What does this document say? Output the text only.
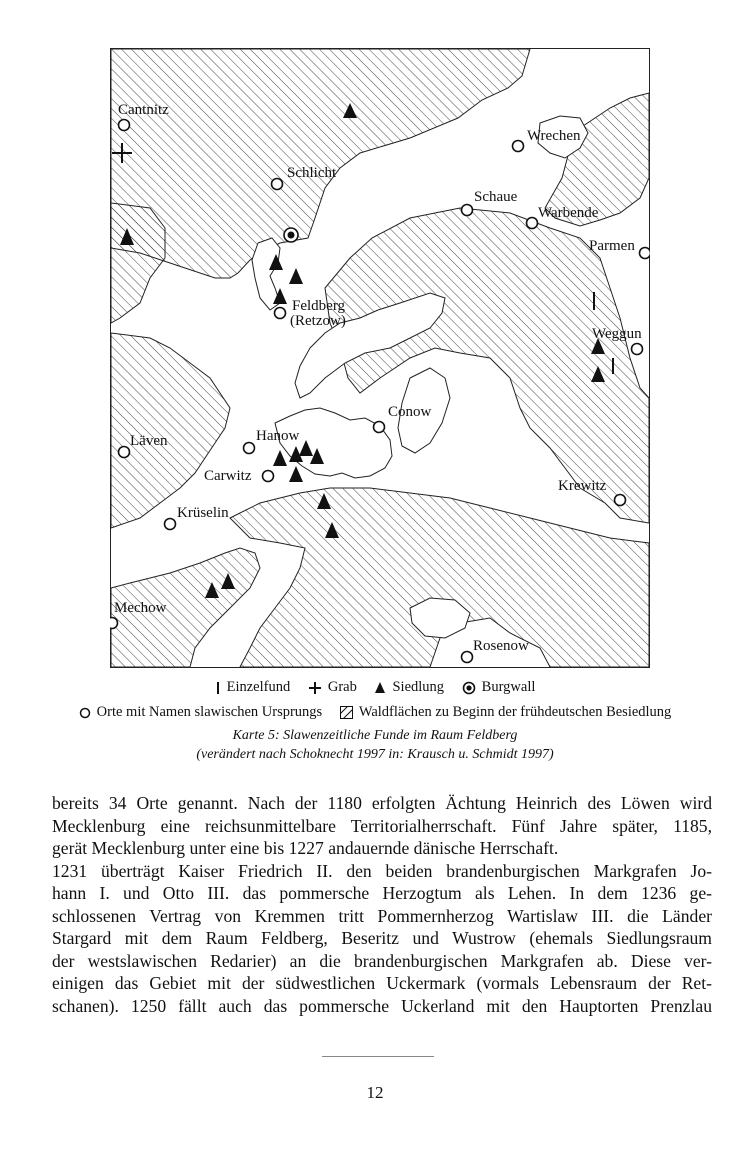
Cantnitz
Schlicht
Wrechen
Schaue
Warbende
Parmen
Feldberg
(Retzow)
Weggun
Conow
Läven	Hanow
Carwitz
Krüselin
Krewitz
Mechow
Rosenow
Einzelfund	Grab Siedlung	Burgwall
Orte mit Namen slawischen Ursprungs	Waldflächen zu Beginn der frühdeutschen Besiedlung
Karte 5: Slawenzeitliche Funde im Raum Feldberg
(verändert nach Schoknecht 1997 in: Krausch u. Schmidt 1997)

bereits 34 Orte genannt. Nach der 1180 erfolgten Ächtung Heinrich des Löwen wird

Mecklenburg eine reichsunmittelbare Territorialherrschaft. Fünf Jahre später, 1185,

gerät Mecklenburg unter eine bis 1227 andauernde dänische Herrschaft.

1231 überträgt Kaiser Friedrich II. den beiden brandenburgischen Markgrafen Jo-

hann I. und Otto III. das pommersche Herzogtum als Lehen. In dem 1236 ge-

schlossenen Vertrag von Kremmen tritt Pommernherzog Wartislaw III. die Länder

Stargard mit dem Raum Feldberg, Beseritz und Wustrow (ehemals Siedlungsraum

der westslawischen Redarier) an die brandenburgischen Markgrafen ab. Diese ver-

einigen das Gebiet mit der südwestlichen Uckermark (vormals Lebensraum der Ret-

schanen). 1250 fällt auch das pommersche Uckerland mit den Hauptorten Prenzlau

12
